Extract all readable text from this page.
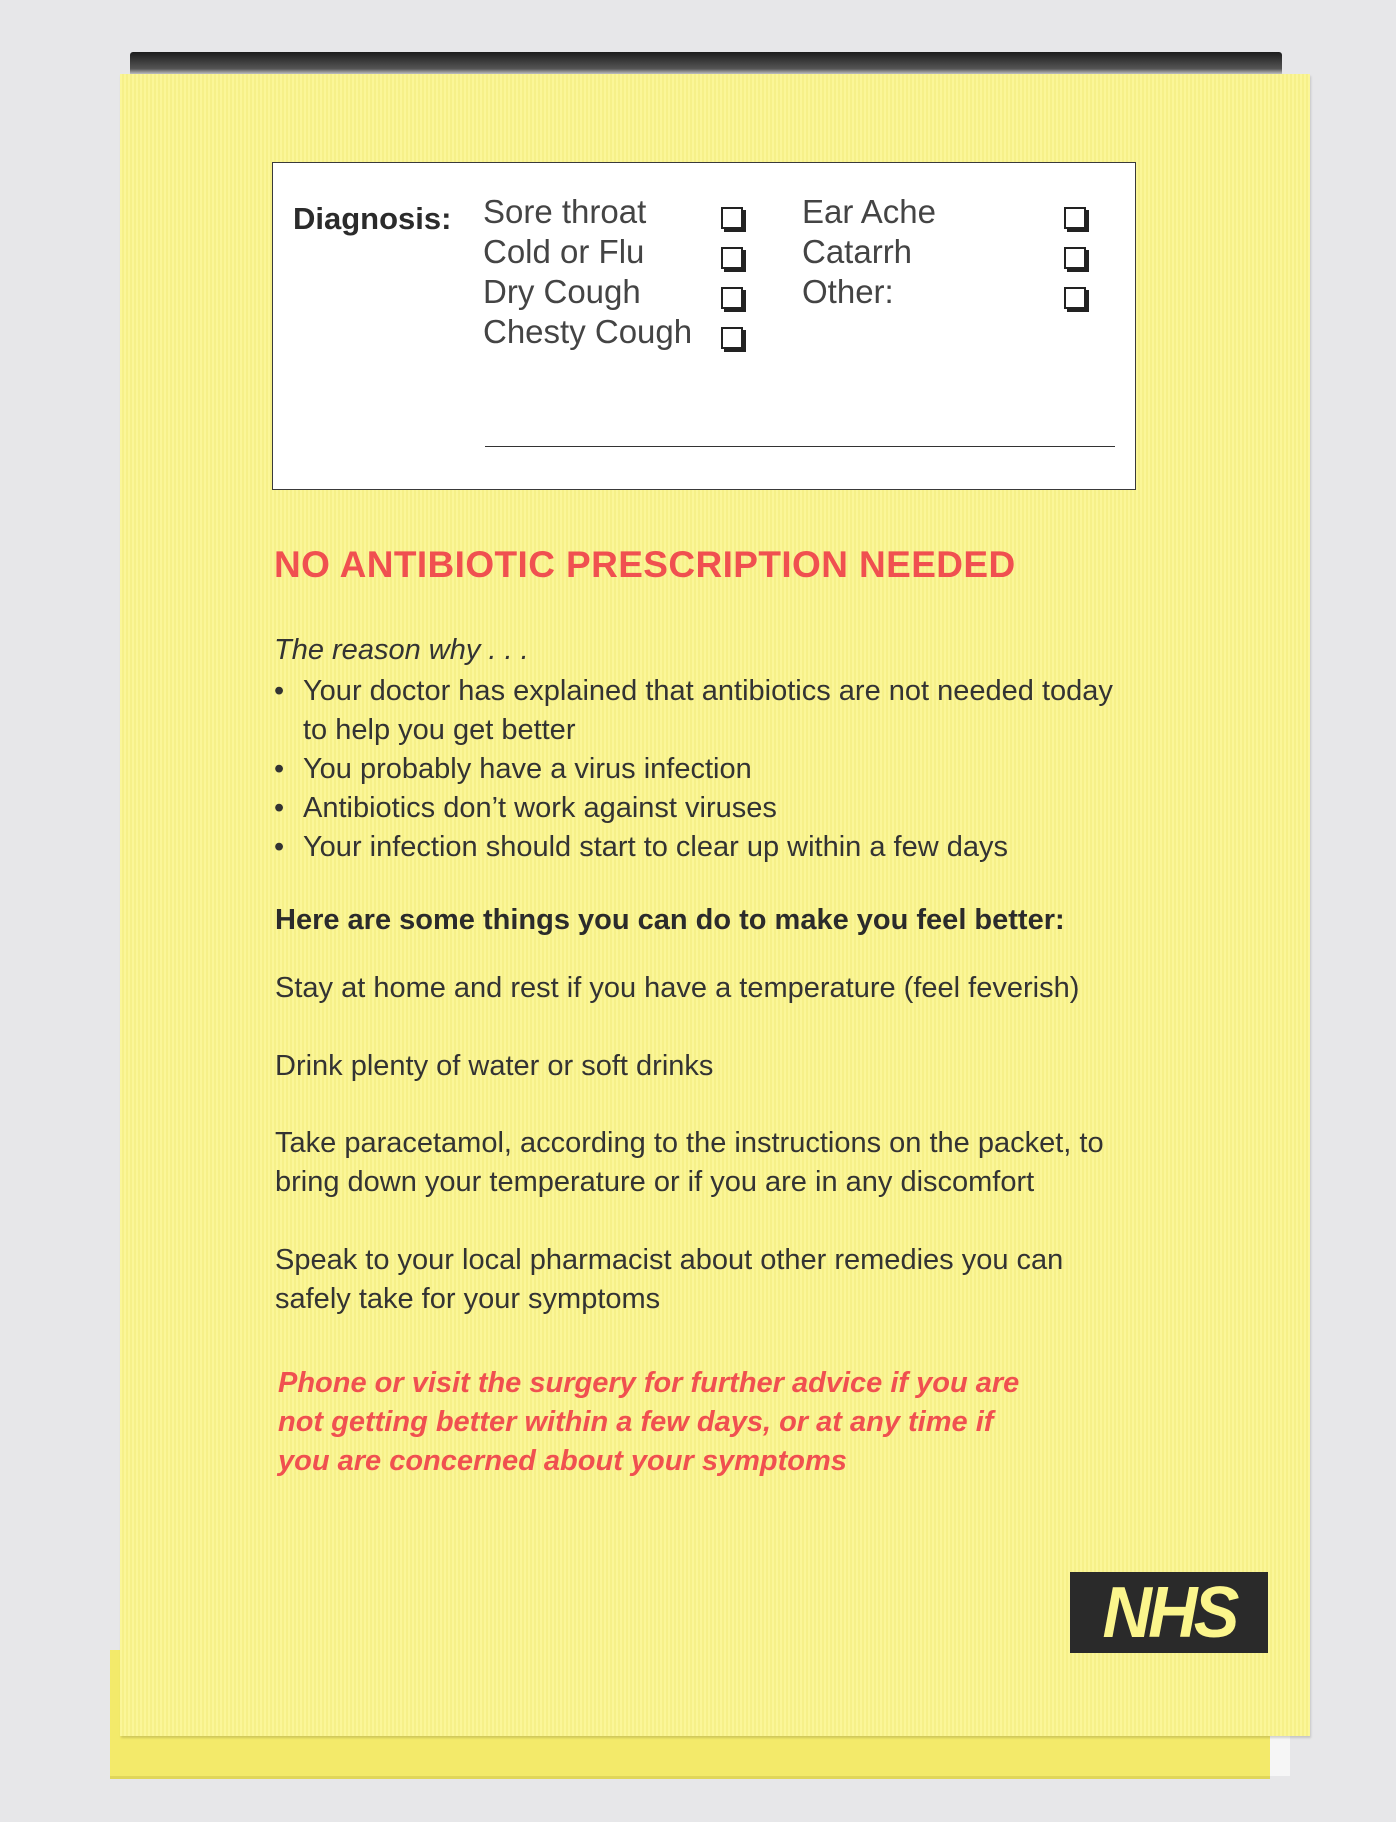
Diagnosis: Sore throat
Cold or Flu
Dry Cough
Chesty Cough
Ear Ache
Catarrh
Other:
NO ANTIBIOTIC PRESCRIPTION NEEDED
The reason why . . .
• Your doctor has explained that antibiotics are not needed today to help you get better
• You probably have a virus infection
• Antibiotics don’t work against viruses
• Your infection should start to clear up within a few days
Here are some things you can do to make you feel better:
Stay at home and rest if you have a temperature (feel feverish)
Drink plenty of water or soft drinks
Take paracetamol, according to the instructions on the packet, to bring down your temperature or if you are in any discomfort
Speak to your local pharmacist about other remedies you can safely take for your symptoms
Phone or visit the surgery for further advice if you are not getting better within a few days, or at any time if you are concerned about your symptoms
NHS
